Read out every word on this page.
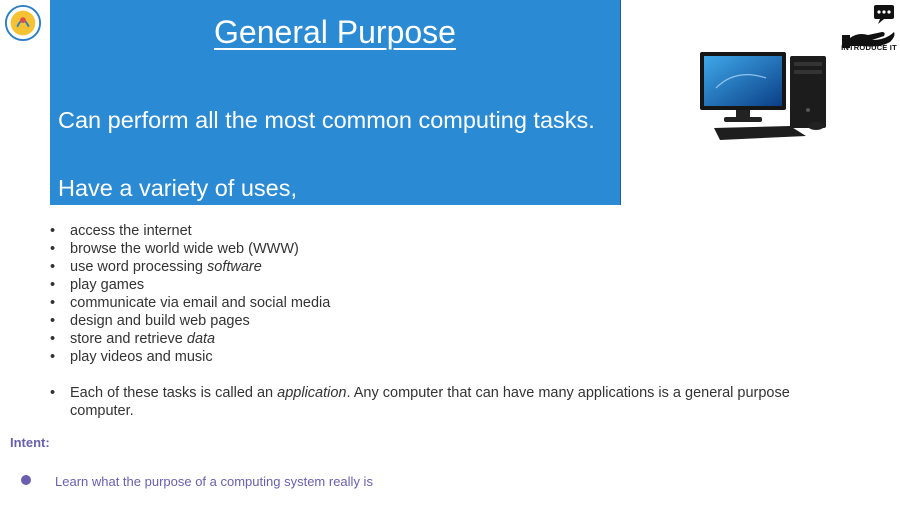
General Purpose
Can perform all the most common computing tasks.
Have a variety of uses,
INTRODUCE IT
• access the internet
• browse the world wide web (WWW)
• use word processing software
• play games
• communicate via email and social media
• design and build web pages
• store and retrieve data
• play videos and music

• Each of these tasks is called an application. Any computer that can have many applications is a general purpose computer.

Intent:
Learn what the purpose of a computing system really is
